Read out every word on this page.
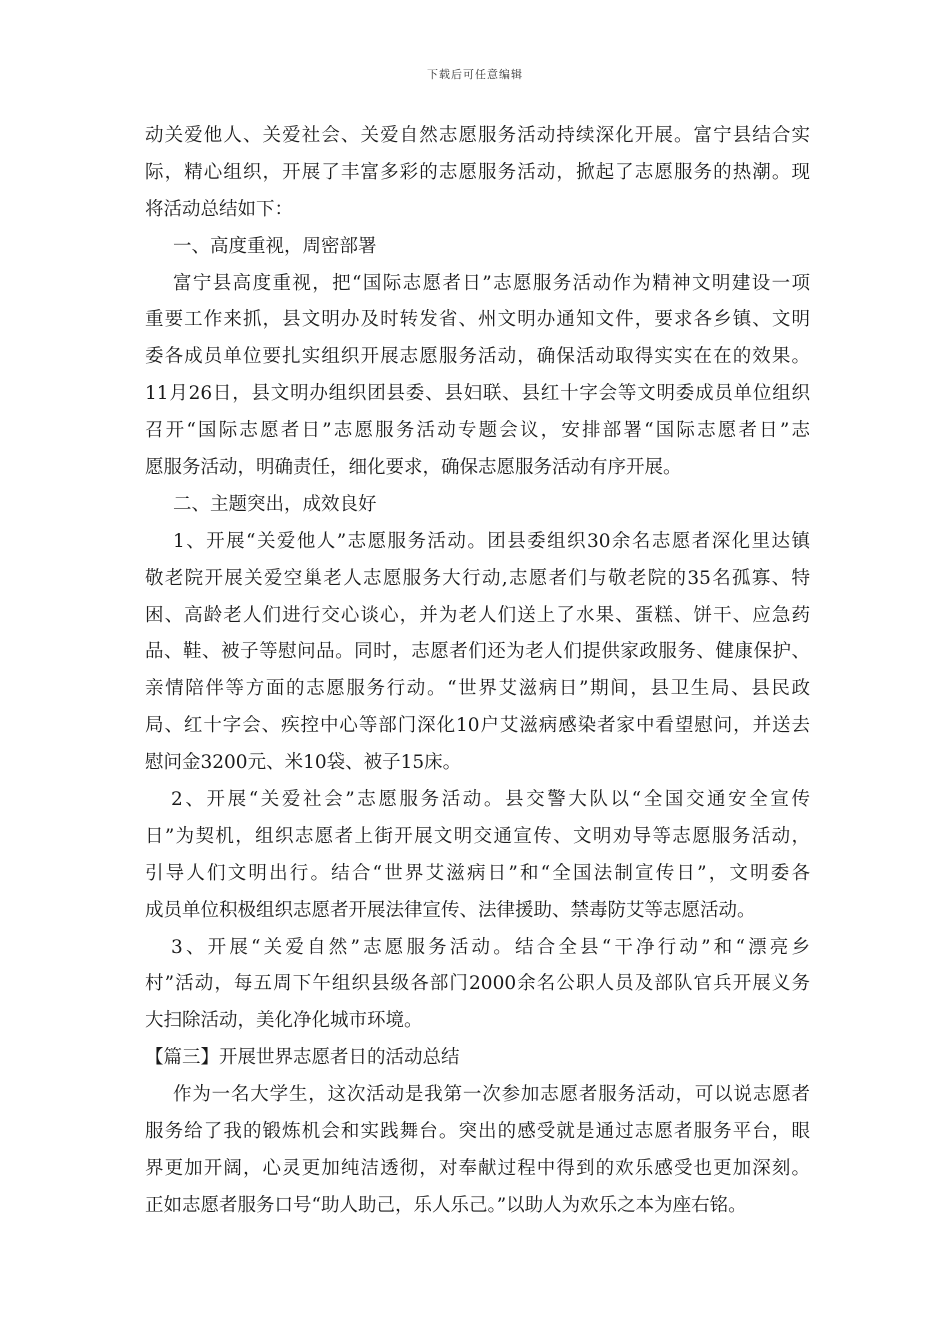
下载后可任意编辑
动关爱他人、关爱社会、关爱自然志愿服务活动持续深化开展。富宁县结合实
际，精心组织，开展了丰富多彩的志愿服务活动，掀起了志愿服务的热潮。现
将活动总结如下：
一、高度重视，周密部署
富宁县高度重视，把“国际志愿者日”志愿服务活动作为精神文明建设一项
重要工作来抓，县文明办及时转发省、州文明办通知文件，要求各乡镇、文明
委各成员单位要扎实组织开展志愿服务活动，确保活动取得实实在在的效果。
11月26日，县文明办组织团县委、县妇联、县红十字会等文明委成员单位组织
召开“国际志愿者日”志愿服务活动专题会议，安排部署“国际志愿者日”志
愿服务活动，明确责任，细化要求，确保志愿服务活动有序开展。
二、主题突出，成效良好
1、开展“关爱他人”志愿服务活动。团县委组织30余名志愿者深化里达镇
敬老院开展关爱空巢老人志愿服务大行动,志愿者们与敬老院的35名孤寡、特
困、高龄老人们进行交心谈心，并为老人们送上了水果、蛋糕、饼干、应急药
品、鞋、被子等慰问品。同时，志愿者们还为老人们提供家政服务、健康保护、
亲情陪伴等方面的志愿服务行动。“世界艾滋病日”期间，县卫生局、县民政
局、红十字会、疾控中心等部门深化10户艾滋病感染者家中看望慰问，并送去
慰问金3200元、米10袋、被子15床。
2、开展“关爱社会”志愿服务活动。县交警大队以“全国交通安全宣传
日”为契机，组织志愿者上街开展文明交通宣传、文明劝导等志愿服务活动，
引导人们文明出行。结合“世界艾滋病日”和“全国法制宣传日”，文明委各
成员单位积极组织志愿者开展法律宣传、法律援助、禁毒防艾等志愿活动。
3、开展“关爱自然”志愿服务活动。结合全县“干净行动”和“漂亮乡
村”活动，每五周下午组织县级各部门2000余名公职人员及部队官兵开展义务
大扫除活动，美化净化城市环境。
【篇三】开展世界志愿者日的活动总结
作为一名大学生，这次活动是我第一次参加志愿者服务活动，可以说志愿者
服务给了我的锻炼机会和实践舞台。突出的感受就是通过志愿者服务平台，眼
界更加开阔，心灵更加纯洁透彻，对奉献过程中得到的欢乐感受也更加深刻。
正如志愿者服务口号“助人助己，乐人乐己。”以助人为欢乐之本为座右铭。
